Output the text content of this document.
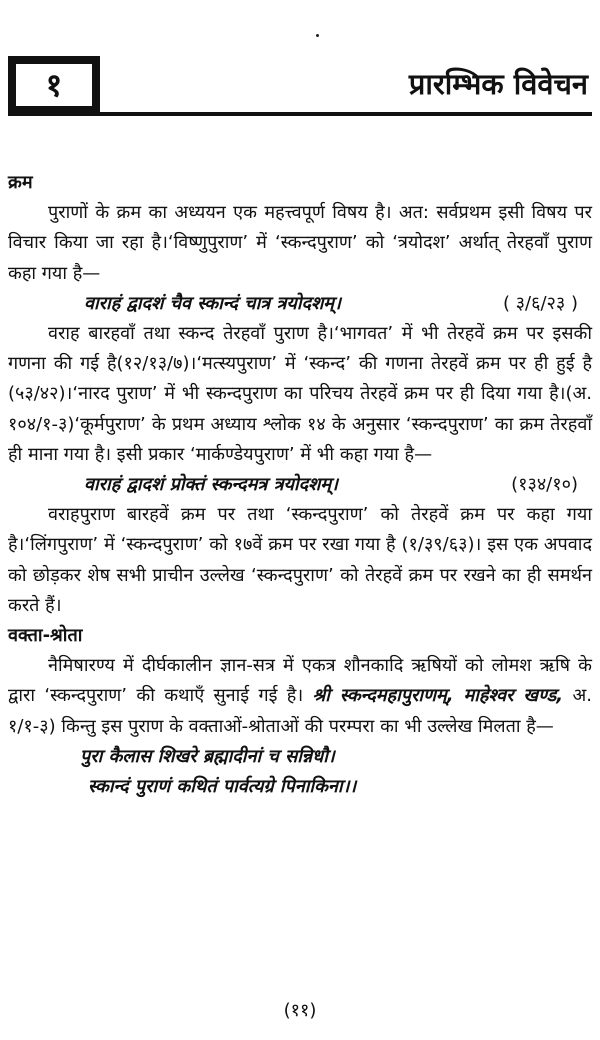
१	प्रारम्भिक विवेचन
क्रम

पुराणों के क्रम का अध्ययन एक महत्त्वपूर्ण विषय है। अत: सर्वप्रथम इसी विषय पर विचार किया जा रहा है।‘विष्णुपुराण’ में ‘स्कन्दपुराण’ को ‘त्रयोदश’ अर्थात् तेरहवाँ पुराण कहा गया है—

वाराहं द्वादशं चैव स्कान्दं चात्र त्रयोदशम्।	( ३/६/२३ )

वराह बारहवाँ तथा स्कन्द तेरहवाँ पुराण है।‘भागवत’ में भी तेरहवें क्रम पर इसकी गणना की गई है(१२/१३/७)।‘मत्स्यपुराण’ में ‘स्कन्द’ की गणना तेरहवें क्रम पर ही हुई है (५३/४२)।‘नारद पुराण’ में भी स्कन्दपुराण का परिचय तेरहवें क्रम पर ही दिया गया है।(अ. १०४/१-३)‘कूर्मपुराण’ के प्रथम अध्याय श्लोक १४ के अनुसार ‘स्कन्दपुराण’ का क्रम तेरहवाँ ही माना गया है। इसी प्रकार ‘मार्कण्डेयपुराण’ में भी कहा गया है—

वाराहं द्वादशं प्रोक्तं स्कन्दमत्र त्रयोदशम्।	(१३४/१०)

वराहपुराण बारहवें क्रम पर तथा ‘स्कन्दपुराण’ को तेरहवें क्रम पर कहा गया है।‘लिंगपुराण’ में ‘स्कन्दपुराण’ को १७वें क्रम पर रखा गया है (१/३९/६३)। इस एक अपवाद को छोड़कर शेष सभी प्राचीन उल्लेख ‘स्कन्दपुराण’ को तेरहवें क्रम पर रखने का ही समर्थन करते हैं।

वक्ता-श्रोता

नैमिषारण्य में दीर्घकालीन ज्ञान-सत्र में एकत्र शौनकादि ऋषियों को लोमश ऋषि के द्वारा ‘स्कन्दपुराण’ की कथाएँ सुनाई गई है। श्री स्कन्दमहापुराणम्, माहेश्वर खण्ड, अ. १/१-३) किन्तु इस पुराण के वक्ताओं-श्रोताओं की परम्परा का भी उल्लेख मिलता है—

पुरा कैलास शिखरे ब्रह्मादीनां च सन्निधौ।
स्कान्दं पुराणं कथितं पार्वत्यग्रे पिनाकिना।।
(११)
